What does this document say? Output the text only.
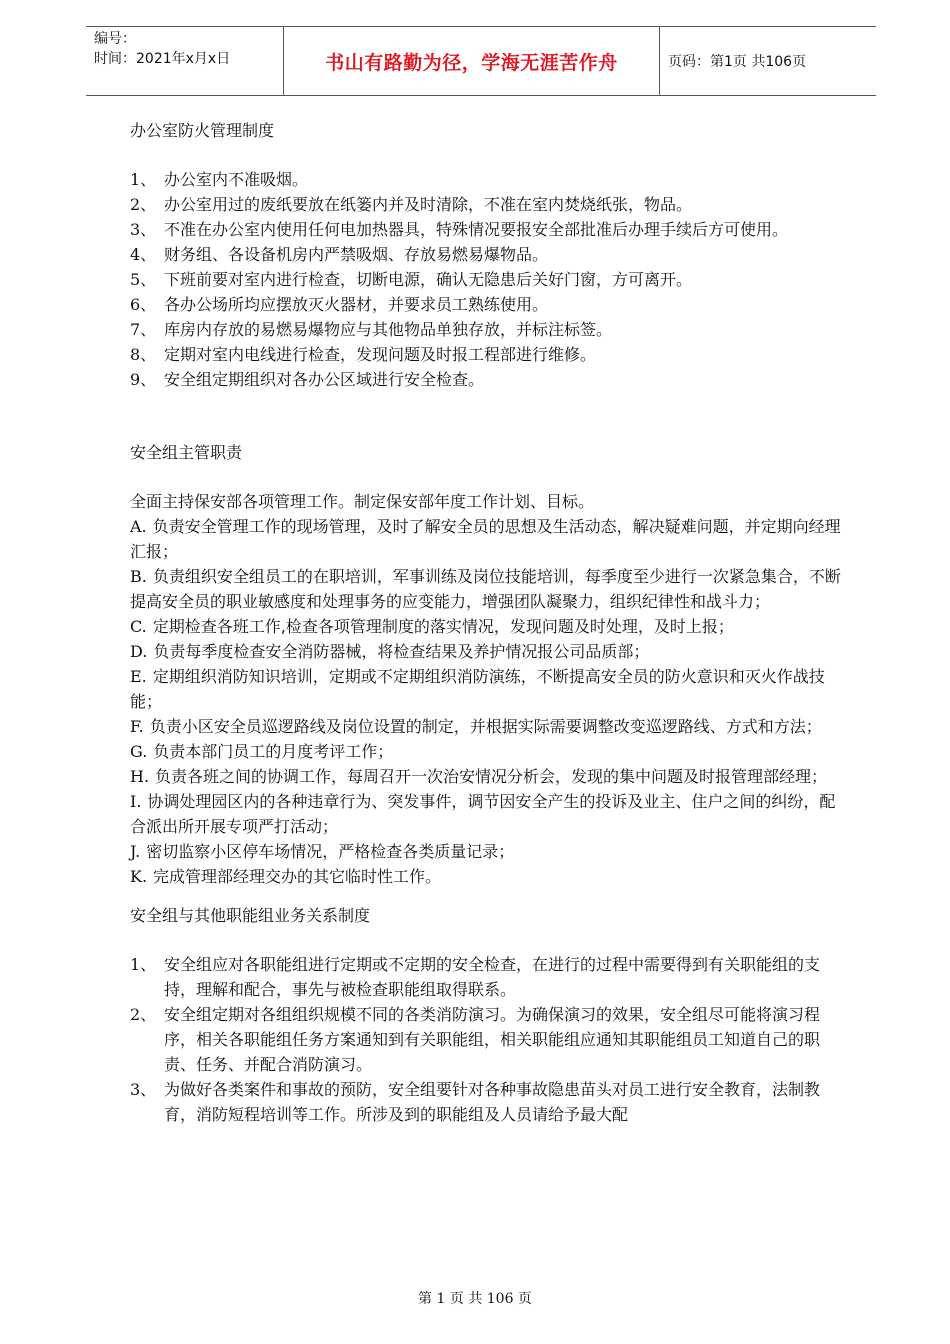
编号：
时间：2021年x月x日	书山有路勤为径，学海无涯苦作舟	页码：第1页 共106页

办公室防火管理制度

1、 办公室内不准吸烟。
2、 办公室用过的废纸要放在纸篓内并及时清除，不准在室内焚烧纸张，物品。
3、 不准在办公室内使用任何电加热器具，特殊情况要报安全部批准后办理手续后方可使用。
4、 财务组、各设备机房内严禁吸烟、存放易燃易爆物品。
5、 下班前要对室内进行检查，切断电源，确认无隐患后关好门窗，方可离开。
6、 各办公场所均应摆放灭火器材，并要求员工熟练使用。
7、 库房内存放的易燃易爆物应与其他物品单独存放，并标注标签。
8、 定期对室内电线进行检查，发现问题及时报工程部进行维修。
9、 安全组定期组织对各办公区域进行安全检查。

安全组主管职责

全面主持保安部各项管理工作。制定保安部年度工作计划、目标。

A. 负责安全管理工作的现场管理，及时了解安全员的思想及生活动态，解决疑难问题，并定期向经理汇报；

B. 负责组织安全组员工的在职培训，军事训练及岗位技能培训，每季度至少进行一次紧急集合，不断提高安全员的职业敏感度和处理事务的应变能力，增强团队凝聚力，组织纪律性和战斗力；

C. 定期检查各班工作,检查各项管理制度的落实情况，发现问题及时处理，及时上报；

D. 负责每季度检查安全消防器械，将检查结果及养护情况报公司品质部；

E. 定期组织消防知识培训，定期或不定期组织消防演练，不断提高安全员的防火意识和灭火作战技能；

F. 负责小区安全员巡逻路线及岗位设置的制定，并根据实际需要调整改变巡逻路线、方式和方法；

G. 负责本部门员工的月度考评工作；

H. 负责各班之间的协调工作，每周召开一次治安情况分析会，发现的集中问题及时报管理部经理；

I. 协调处理园区内的各种违章行为、突发事件，调节因安全产生的投诉及业主、住户之间的纠纷，配合派出所开展专项严打活动；

J. 密切监察小区停车场情况，严格检查各类质量记录；

K. 完成管理部经理交办的其它临时性工作。

安全组与其他职能组业务关系制度

1、 安全组应对各职能组进行定期或不定期的安全检查，在进行的过程中需要得到有关职能组的支持，理解和配合，事先与被检查职能组取得联系。
2、 安全组定期对各组组织规模不同的各类消防演习。为确保演习的效果，安全组尽可能将演习程序，相关各职能组任务方案通知到有关职能组，相关职能组应通知其职能组员工知道自己的职责、任务、并配合消防演习。
3、 为做好各类案件和事故的预防，安全组要针对各种事故隐患苗头对员工进行安全教育，法制教育，消防短程培训等工作。所涉及到的职能组及人员请给予最大配
第 1 页 共 106 页
